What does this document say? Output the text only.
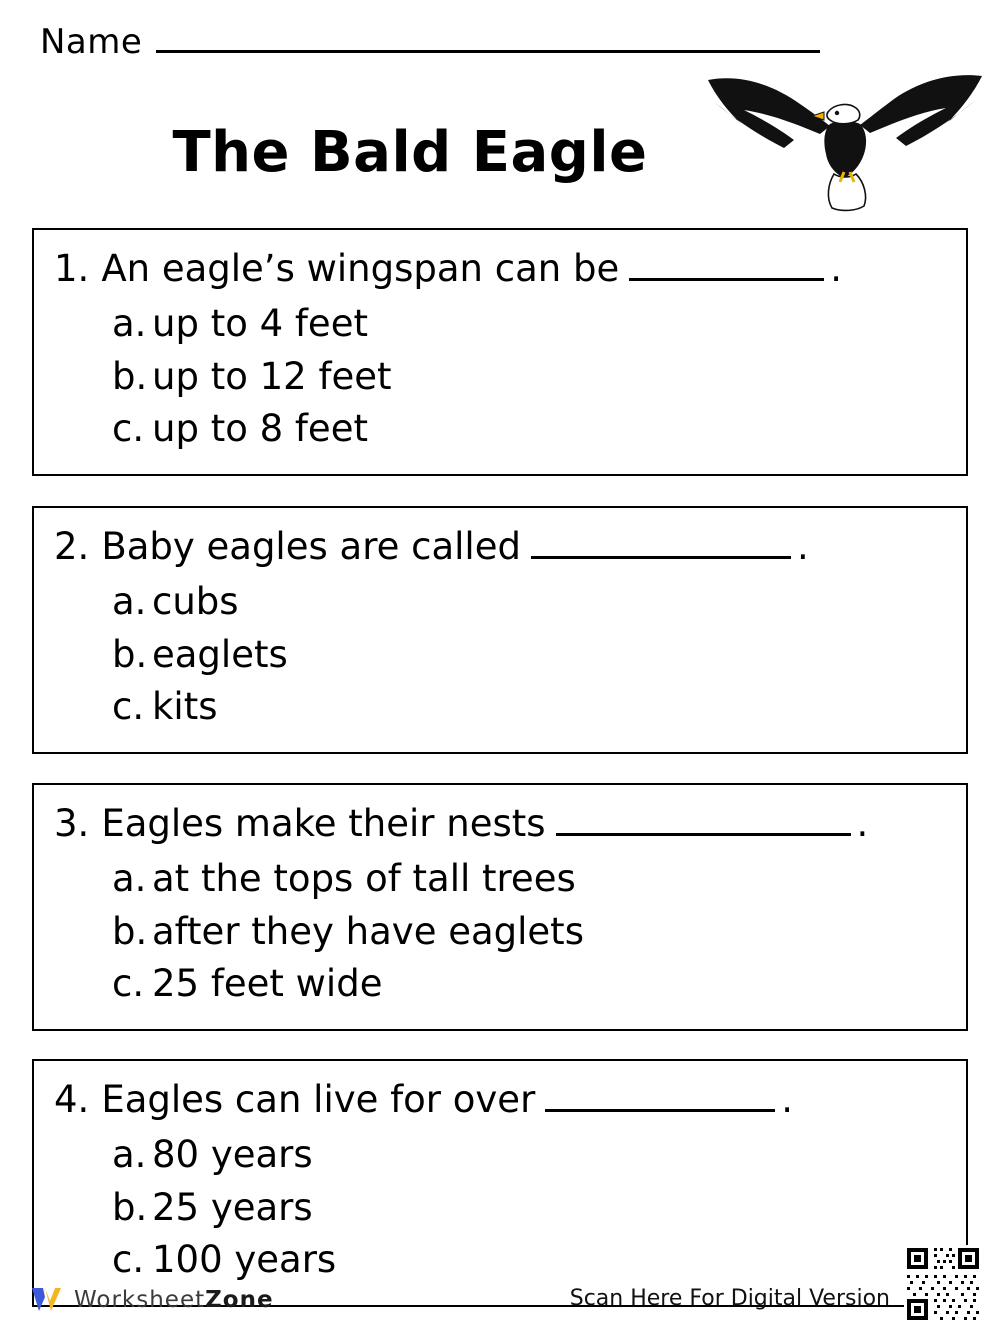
Name
The Bald Eagle
1. An eagle’s wingspan can be	.
a. up to 4 feet
b. up to 12 feet
c. up to 8 feet
2. Baby eagles are called	.
a. cubs
b. eaglets
c. kits
3. Eagles make their nests	.
a. at the tops of tall trees
b. after they have eaglets
c. 25 feet wide
4. Eagles can live for over	.
a. 80 years
b. 25 years
c. 100 years
WorksheetZone	Scan Here For Digital Version
